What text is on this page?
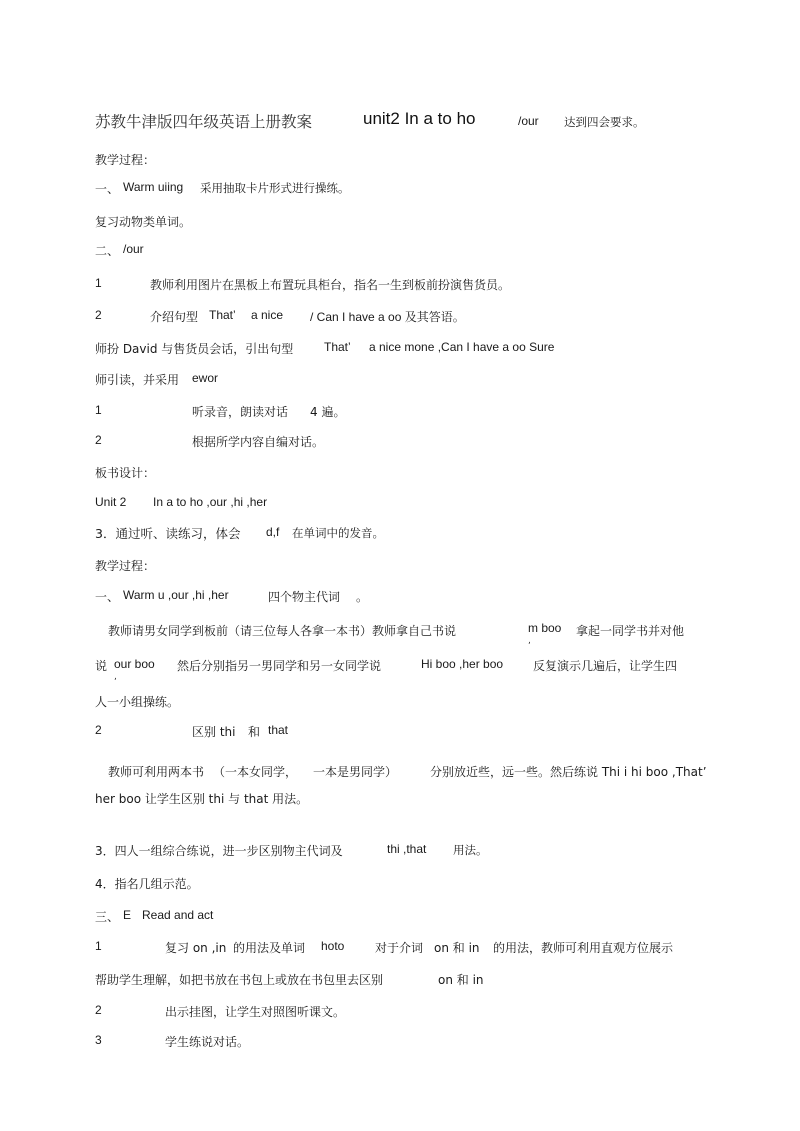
苏教牛津版四年级英语上册教案	unit2 In a to ho	/our 达到四会要求。
教学过程：
一、 Warm uiing 采用抽取卡片形式进行操练。
复习动物类单词。
二、 /our
1	教师利用图片在黑板上布置玩具柜台，指名一生到板前扮演售货员。
2	介绍句型 That’ a nice / Can I have a oo 及其答语。
师扮 David 与售货员会话，引出句型	That’ a nice mone ,Can I have a oo Sure
师引读，并采用 ewor
1	听录音，朗读对话 4 遍。
2	根据所学内容自编对话。
板书设计：
Unit 2 In a to ho ,our ,hi ,her
3．通过听、读练习，体会 d,f 在单词中的发音。
教学过程：
一、 Warm u ,our ,hi ,her	四个物主代词 。
教师请男女同学到板前（请三位每人各拿一本书）教师拿自己书说	m boo
,
拿起一同学书并对他
说 our boo
,
然后分别指另一男同学和另一女同学说	Hi boo ,her boo 反复演示几遍后，让学生四
人一小组操练。
2	区别 thi 和 that
教师可利用两本书 （一本女同学， 一本是男同学）	分别放近些，远一些。然后练说 Thi i hi boo ,That’
her boo 让学生区别 thi 与 that 用法。
3．四人一组综合练说，进一步区别物主代词及	thi ,that 用法。
4．指名几组示范。
三、 E Read and act
1	复习 on ,in 的用法及单词 hoto	对于介词 on 和 in 的用法，教师可利用直观方位展示
帮助学生理解，如把书放在书包上或放在书包里去区别	on 和 in
2	出示挂图，让学生对照图听课文。
3	学生练说对话。
